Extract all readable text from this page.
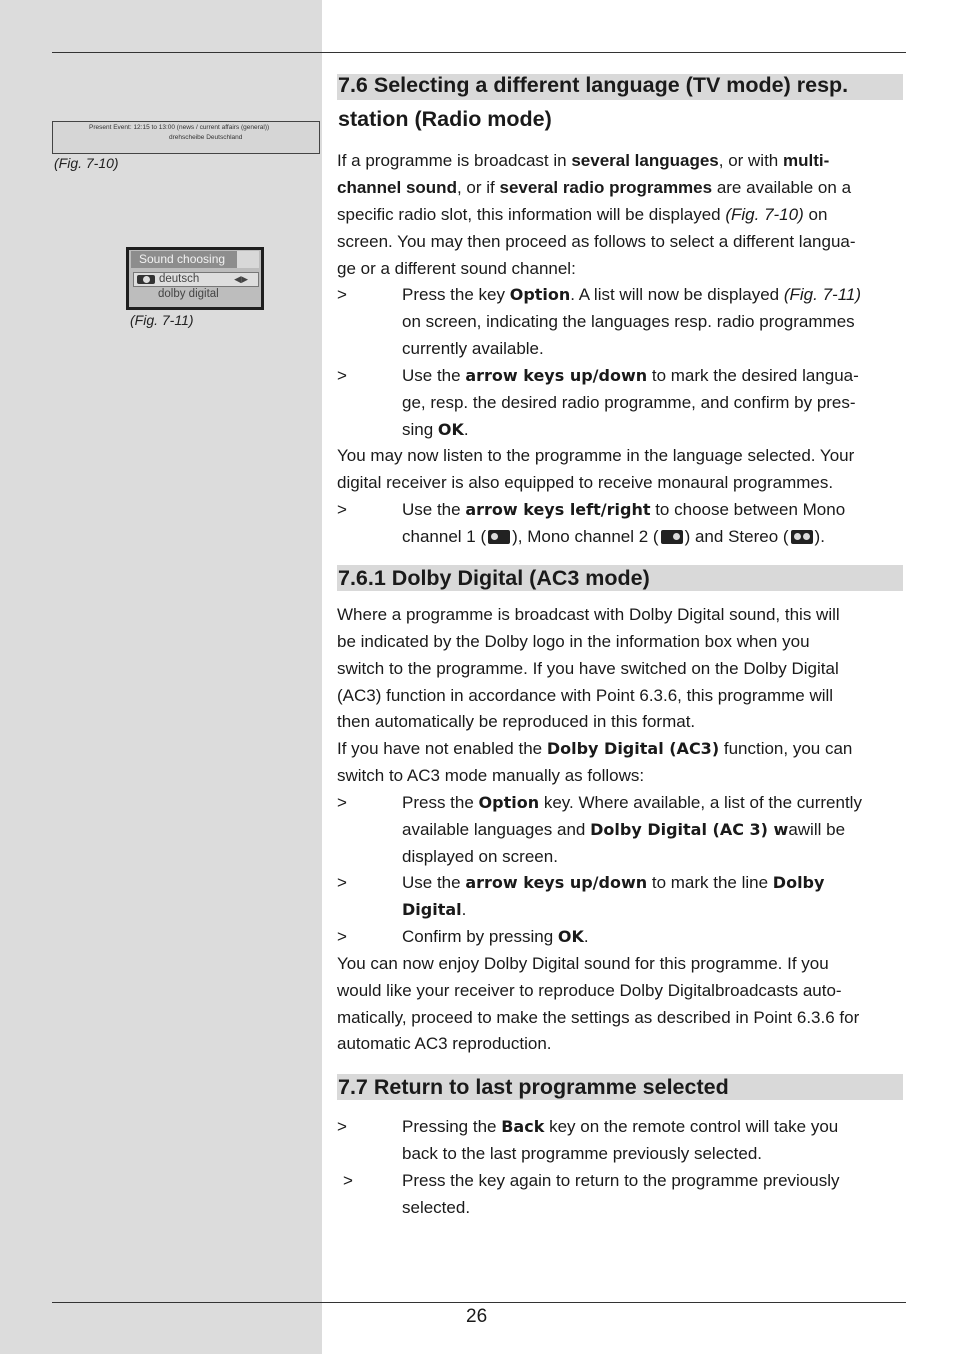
Present Event: 12:15 to 13:00 (news / current affairs (general))
drehscheibe Deutschland
(Fig. 7-10)
Sound choosing
deutsch	◀▶
dolby digital
(Fig. 7-11)
7.6 Selecting a different language (TV mode) resp.
station (Radio mode)
If a programme is broadcast in several languages, or with multi-
channel sound, or if several radio programmes are available on a
specific radio slot, this information will be displayed (Fig. 7-10) on
screen. You may then proceed as follows to select a different langua-
ge or a different sound channel:
>	Press the key Option. A list will now be displayed (Fig. 7-11)
on screen, indicating the languages resp. radio programmes
currently available.
>	Use the arrow keys up/down to mark the desired langua-
ge, resp. the desired radio programme, and confirm by pres-
sing OK.
You may now listen to the programme in the language selected. Your
digital receiver is also equipped to receive monaural programmes.
>	Use the arrow keys left/right to choose between Mono
channel 1 ( ), Mono channel 2 ( ) and Stereo ( ).
7.6.1 Dolby Digital (AC3 mode)
Where a programme is broadcast with Dolby Digital sound, this will
be indicated by the Dolby logo in the information box when you
switch to the programme. If you have switched on the Dolby Digital
(AC3) function in accordance with Point 6.3.6, this programme will
then automatically be reproduced in this format.
If you have not enabled the Dolby Digital (AC3) function, you can
switch to AC3 mode manually as follows:
>	Press the Option key. Where available, a list of the currently
available languages and Dolby Digital (AC 3) wawill be
displayed on screen.
>	Use the arrow keys up/down to mark the line Dolby
Digital.
>	Confirm by pressing OK.
You can now enjoy Dolby Digital sound for this programme. If you
would like your receiver to reproduce Dolby Digitalbroadcasts auto-
matically, proceed to make the settings as described in Point 6.3.6 for
automatic AC3 reproduction.
7.7 Return to last programme selected
>	Pressing the Back key on the remote control will take you
back to the last programme previously selected.
>	Press the key again to return to the programme previously
selected.
26
